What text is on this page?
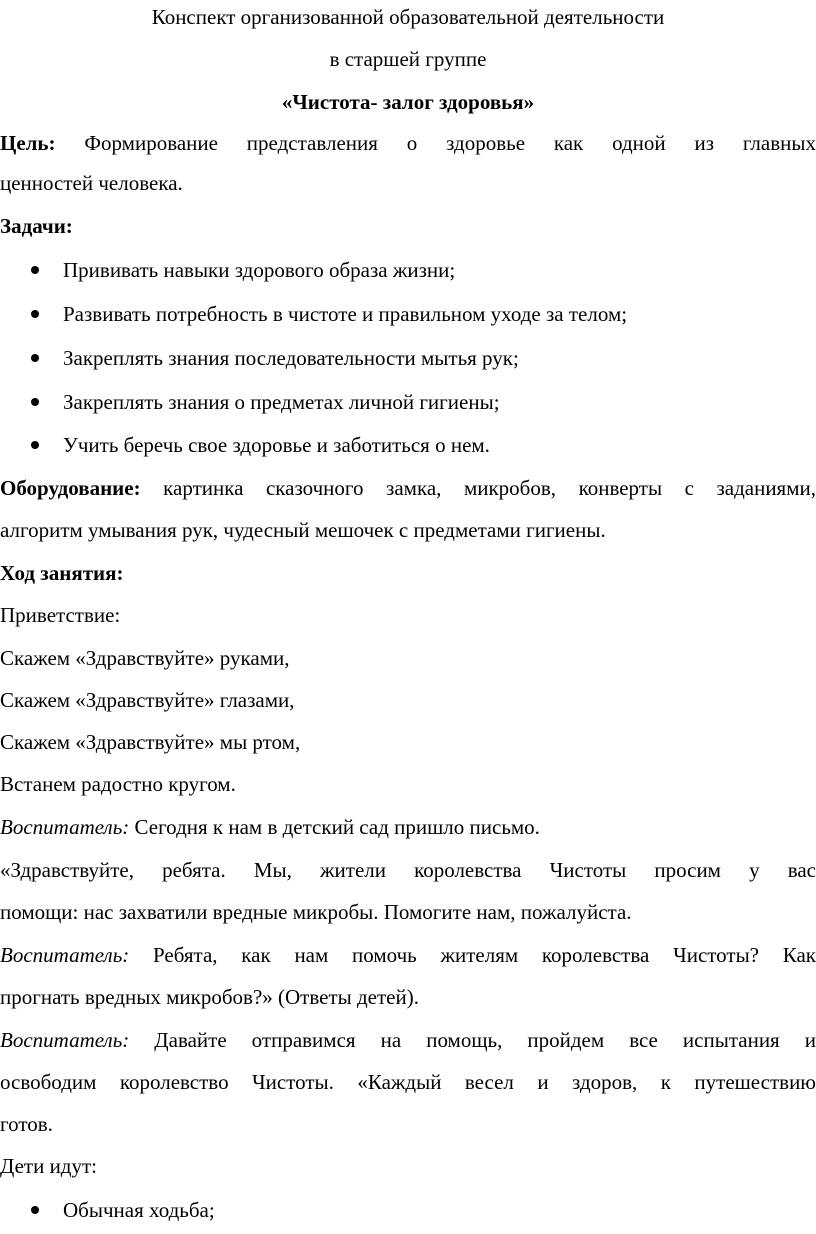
Конспект организованной образовательной деятельности
в старшей группе
«Чистота- залог здоровья»
Цель: Формирование представления о здоровье как одной из главных
ценностей человека.
Задачи:
Прививать навыки здорового образа жизни;
Развивать потребность в чистоте и правильном уходе за телом;
Закреплять знания последовательности мытья рук;
Закреплять знания о предметах личной гигиены;
Учить беречь свое здоровье и заботиться о нем.
Оборудование: картинка сказочного замка, микробов, конверты с заданиями,
алгоритм умывания рук, чудесный мешочек с предметами гигиены.
Ход занятия:
Приветствие:
Скажем «Здравствуйте» руками,
Скажем «Здравствуйте» глазами,
Скажем «Здравствуйте» мы ртом,
Встанем радостно кругом.
Воспитатель: Сегодня к нам в детский сад пришло письмо.
«Здравствуйте, ребята. Мы, жители королевства Чистоты просим у вас
помощи: нас захватили вредные микробы. Помогите нам, пожалуйста.
Воспитатель: Ребята, как нам помочь жителям королевства Чистоты? Как
прогнать вредных микробов?» (Ответы детей).
Воспитатель: Давайте отправимся на помощь, пройдем все испытания и
освободим королевство Чистоты. «Каждый весел и здоров, к путешествию
готов.
Дети идут:
Обычная ходьба;
